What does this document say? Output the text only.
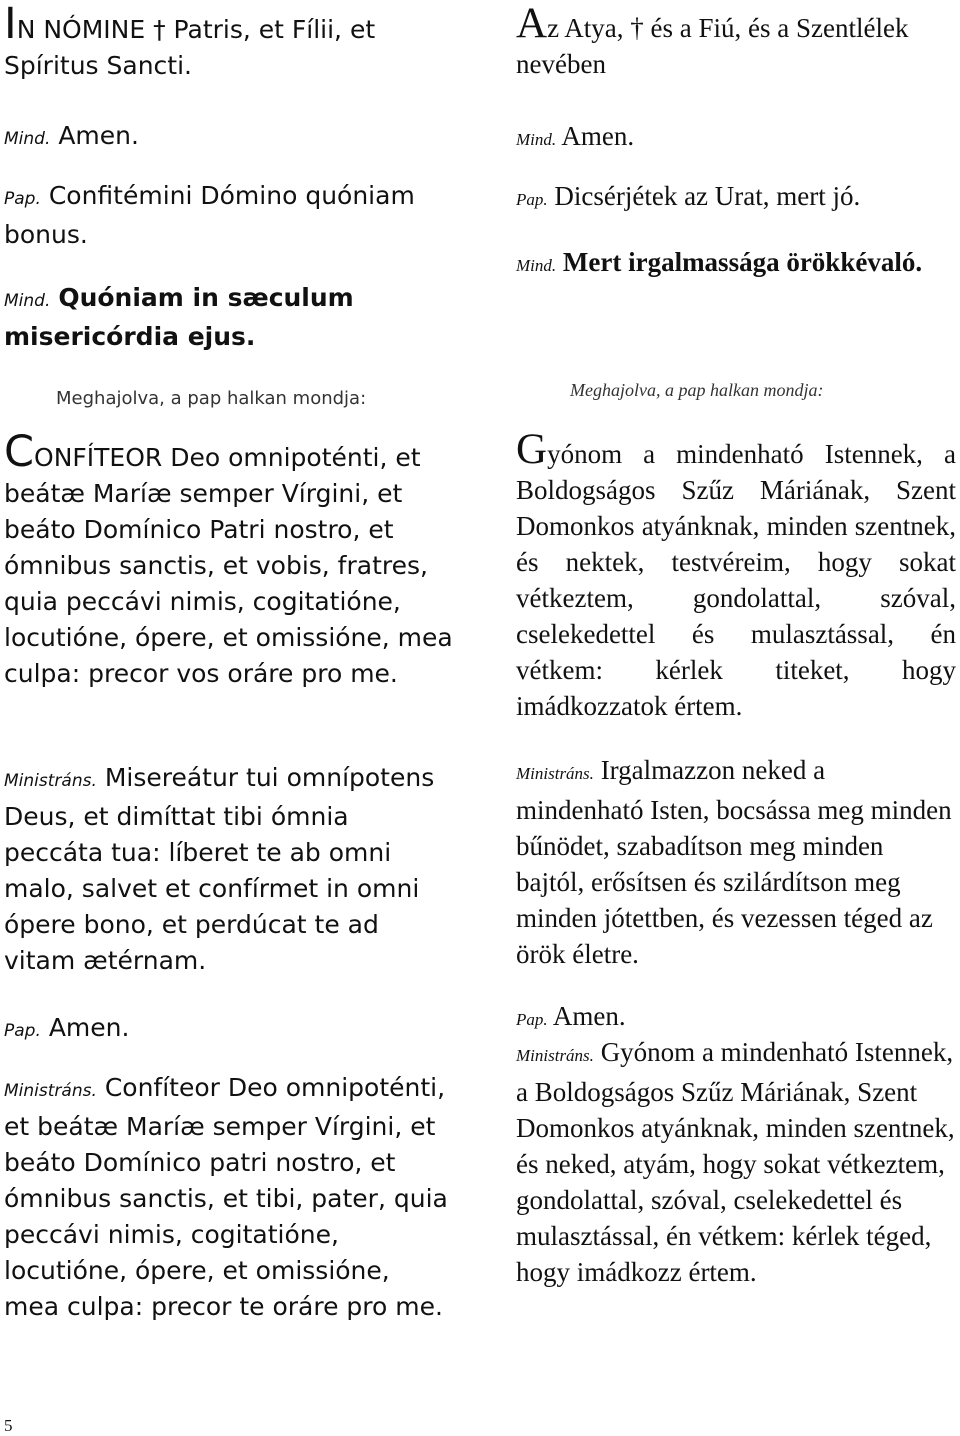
IN NÓMINE † Patris, et Fílii, et Spíritus Sancti.

Mind. Amen.

Pap. Confitémini Dómino quóniam bonus.

Mind. Quóniam in sæculum misericórdia ejus.

Meghajolva, a pap halkan mondja:

CONFÍTEOR Deo omnipoténti, et beátæ Maríæ semper Vírgini, et beáto Domínico Patri nostro, et ómnibus sanctis, et vobis, fratres, quia peccávi nimis, cogitatióne, locutióne, ópere, et omissióne, mea culpa: precor vos oráre pro me.

Ministráns. Misereátur tui omnípotens Deus, et dimíttat tibi ómnia peccáta tua: líberet te ab omni malo, salvet et confírmet in omni ópere bono, et perdúcat te ad vitam ætérnam.

Pap. Amen.

Ministráns. Confíteor Deo omnipoténti, et beátæ Maríæ semper Vírgini, et beáto Domínico patri nostro, et ómnibus sanctis, et tibi, pater, quia peccávi nimis, cogitatióne, locutióne, ópere, et omissióne, mea culpa: precor te oráre pro me.

Az Atya, † és a Fiú, és a Szentlélek nevében

Mind. Amen.

Pap. Dicsérjétek az Urat, mert jó.

Mind. Mert irgalmassága örökkévaló.

Meghajolva, a pap halkan mondja:

Gyónom a mindenható Istennek, a Boldogságos Szűz Máriának, Szent Domonkos atyánknak, minden szentnek, és nektek, testvéreim, hogy sokat vétkeztem, gondolattal, szóval, cselekedettel és mulasztással, én vétkem: kérlek titeket, hogy imádkozzatok értem.

Ministráns. Irgalmazzon neked a mindenható Isten, bocsássa meg minden bűnödet, szabadítson meg minden bajtól, erősítsen és szilárdítson meg minden jótettben, és vezessen téged az örök életre.

Pap. Amen.

Ministráns. Gyónom a mindenható Istennek, a Boldogságos Szűz Máriának, Szent Domonkos atyánknak, minden szentnek, és neked, atyám, hogy sokat vétkeztem, gondolattal, szóval, cselekedettel és mulasztással, én vétkem: kérlek téged, hogy imádkozz értem.

5
